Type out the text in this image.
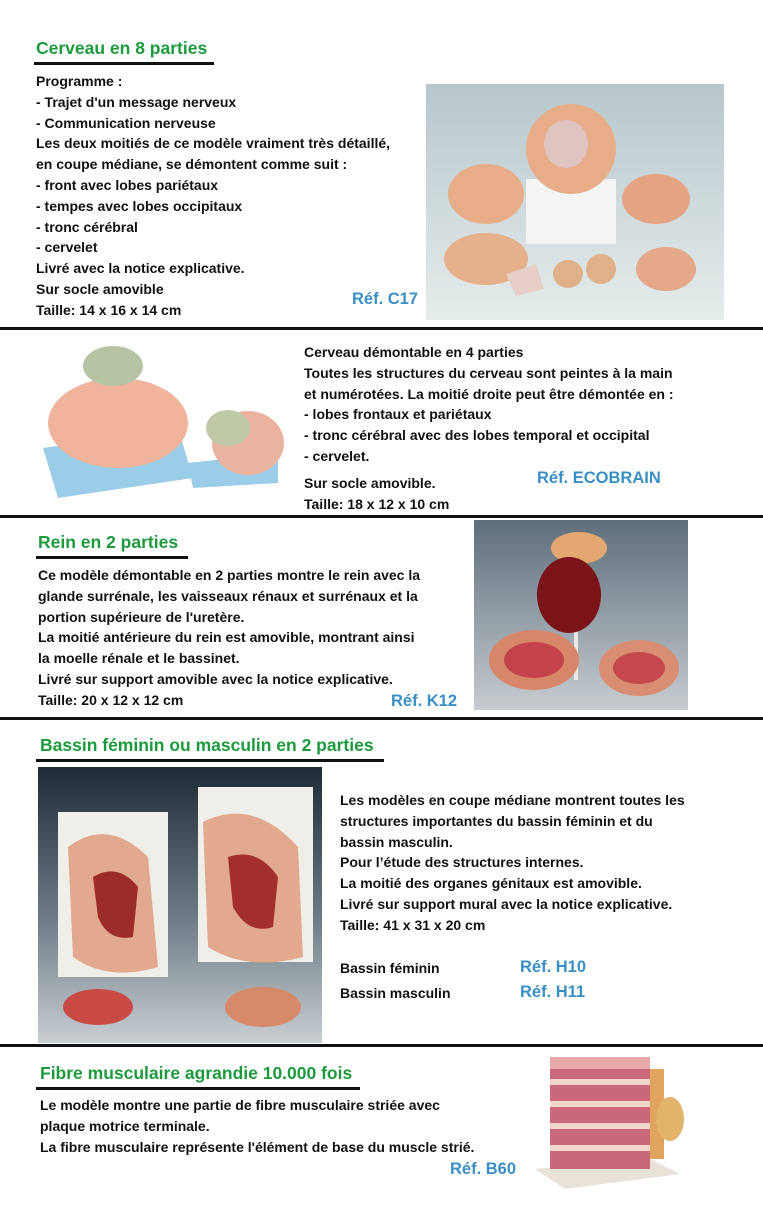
Cerveau en 8 parties
Programme :
- Trajet d'un message nerveux
- Communication nerveuse
Les deux moitiés de ce modèle vraiment très détaillé,
en coupe médiane, se démontent comme suit :
- front avec lobes pariétaux
- tempes avec lobes occipitaux
- tronc cérébral
- cervelet
Livré avec la notice explicative.
Sur socle amovible
Taille: 14 x 16 x 14 cm
Réf. C17
Cerveau démontable en 4 parties
Toutes les structures du cerveau sont peintes à la main
et numérotées. La moitié droite peut être démontée en :
- lobes frontaux et pariétaux
- tronc cérébral avec des lobes temporal et occipital
- cervelet.
Sur socle amovible.
Taille: 18 x 12 x 10 cm
Réf. ECOBRAIN
Rein en 2 parties
Ce modèle démontable en 2 parties montre le rein avec la
glande surrénale, les vaisseaux rénaux et surrénaux et la
portion supérieure de l'uretère.
La moitié antérieure du rein est amovible, montrant ainsi
la moelle rénale et le bassinet.
Livré sur support amovible avec la notice explicative.
Taille: 20 x 12 x 12 cm	Réf. K12
Bassin féminin ou masculin en 2 parties
Les modèles en coupe médiane montrent toutes les
structures importantes du bassin féminin et du
bassin masculin.
Pour l’étude des structures internes.
La moitié des organes génitaux est amovible.
Livré sur support mural avec la notice explicative.
Taille: 41 x 31 x 20 cm
Bassin féminin	Réf. H10
Bassin masculin	Réf. H11
Fibre musculaire agrandie 10.000 fois
Le modèle montre une partie de fibre musculaire striée avec
plaque motrice terminale.
La fibre musculaire représente l'élément de base du muscle strié.
Réf. B60
